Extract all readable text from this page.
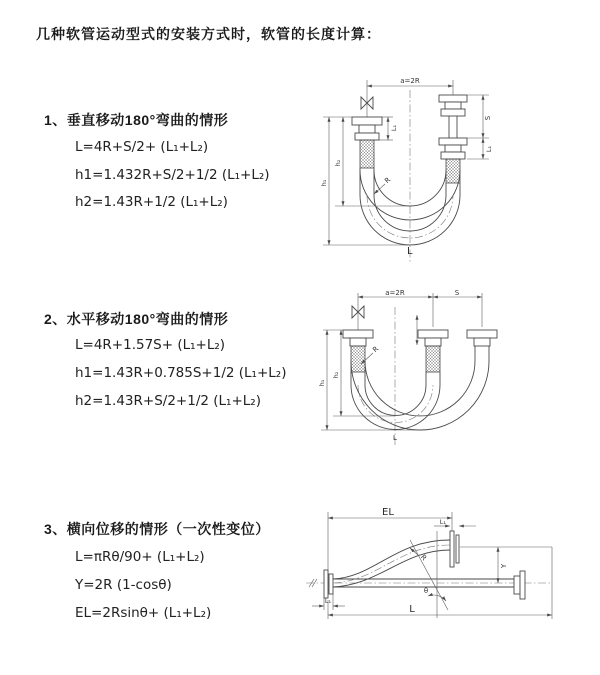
几种软管运动型式的安装方式时，软管的长度计算：
1、垂直移动180°弯曲的情形
L=4R+S/2+ (L₁+L₂)
h1=1.432R+S/2+1/2 (L₁+L₂)
h2=1.43R+1/2 (L₁+L₂)
2、水平移动180°弯曲的情形
L=4R+1.57S+ (L₁+L₂)
h1=1.43R+0.785S+1/2 (L₁+L₂)
h2=1.43R+S/2+1/2 (L₁+L₂)
3、横向位移的情形（一次性变位）
L=πRθ/90+ (L₁+L₂)
Y=2R (1-cosθ)
EL=2Rsinθ+ (L₁+L₂)
a=2R
S
L₁
L₁
h₂
h₁	R
L
a=2R	S
h₂
h₁
R
L
θ
R
EL
L₁
Y
L
L₁
